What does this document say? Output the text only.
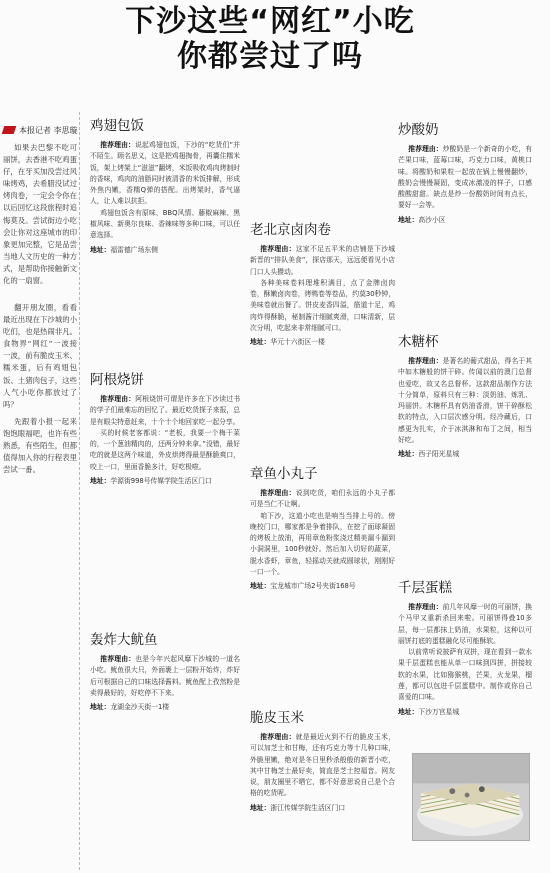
下沙这些“网红”小吃
你都尝过了吗
本报记者 李思璇

如果去巴黎不吃可丽饼，去香港不吃鸡蛋仔，在牙买加没尝过风味烤鸡，去希腊没试过烤肉卷，一定会令你在以后回忆这段旅程时追悔莫及。尝试街边小吃会让你对这座城市的印象更加完整，它是品尝当地人文历史的一种方式，是帮助你接触新文化的一扇窗。

翻开朋友圈，看看最近出现在下沙城的小吃们，也是热闹非凡。食物界“网红”一波接一波，前有脆皮玉米、糯米蛋，后有鸡翅包饭、土猪肉包子，这些人气小吃你都放过了吗？

先跟着小报一起来饱饱眼福吧，也许有些熟悉，有些陌生，但都值得加入你的行程表里尝试一番。

鸡翅包饭

推荐理由：说起鸡翅包饭，下沙的“吃货们”并不陌生。顾名思义，这是把鸡翅掏骨，再囊住糯米饭，架上烤架上“滋滋”翻烤，米饭吸收鸡肉烤制时的香味，鸡肉的油脂同时被清香的米饭排解，形成外焦内嫩，香糯Q弹的搭配。出烤架时，香气逼人，让人难以抗拒。

鸡翅包饭含有原味、BBQ风情、藤椒麻辣、黑椒风味、新奥尔良味、香辣味等多种口味，可以任意选择。

地址：福雷德广场东侧

阿根烧饼

推荐理由：阿根烧饼可谓是许多在下沙读过书的学子们最难忘的回忆了。最近吃货探子来报，总是有眼尖特意赶来，十个十个地回家吃一起分享。

买的时候老客都说：“老板，我要一个梅干菜的，一个葱油精肉的，还两分钟来拿。”没错，最好吃的就是这两个味道，外皮烘烤得最是酥脆爽口，咬上一口，里面香脆多汁，好吃极啦。

地址：学源街998号传媒学院生活区门口

轰炸大鱿鱼

推荐理由：也是今年兴起风靡下沙城的一道名小吃。鱿鱼很大只，外面裹上一层粉开始炸，炸好后可根据自己的口味选择酱料。鱿鱼配上孜然粉是卖得最好的，好吃停不下来。

地址：龙湖金沙天街一1楼

老北京卤肉卷

推荐理由：这家不足五平米的店铺是下沙城新晋的“排队美食”，探店那天，远远便看见小店门口人头攒动。

各种美味卷料理堆积满目，点了金牌卤肉卷，酥嫩卤肉卷，烤鸭卷等卷品，约莫30秒钟，美味卷就出餐了。饼皮麦香四溢，筋道十足，鸡肉炸得酥脆，秘制酱汁细腻爽滑，口味清新，层次分明，吃起来非常细腻可口。

地址：华元十六街区一楼

章鱼小丸子

推荐理由：说到吃货，咱们永远的小丸子都可是当仁不让啊。

咱下沙，这道小吃也是响当当排上号的。傍晚校门口，哪家都是争着排队，在挖了面球凝固的烤板上放油，再用章鱼粉浆浇过精美漏斗漏到小洞洞里，100秒就好。然后加入切好的蔬菜，脱水香虾，章鱼，轻摇动关就成圆球状，刚刚好一口一个。

地址：宝龙城市广场2号夹街168号

脆皮玉米

推荐理由：就是最近火到不行的脆皮玉米，可以加芝士和甘梅，还有巧克力等十几种口味，外脆里嫩，绝对是冬日里秒杀般般的新晋小吃，其中甘梅芝士最好卖，简直是芝士控福音。网友说，朋友圈里不晒它，都不好意思说自己是个合格的吃货呢。

地址：浙江传媒学院生活区门口

炒酸奶

推荐理由：炒酸奶是一个新奇的小吃，有芒果口味，蓝莓口味，巧克力口味，黄桃口味。将酸奶和果粒一起放在锅上慢慢翻炒，酸奶会慢慢凝固，变成冰激凌的样子，口感酸酸甜甜。缺点是炒一份酸奶时间有点长，要好一会等。

地址：高沙小区

木糖杯

推荐理由：是著名的葡式甜品，得名于其中如木糖般的饼干碎。传闻以前的澳门总督也爱吃，故又名总督杯。这款甜品制作方法十分简单，原料只有三种：淡奶油、炼乳、玛丽饼。木糖杯具有奶油香滑，饼干碎酥松软的特点，入口层次感分明。经冷藏后，口感更为扎实，介于冰淇淋和布丁之间，相当好吃。

地址：西子阳光星城

千层蛋糕

推荐理由：前几年风靡一时的可丽饼，换个马甲又重新杀回来啦。可丽饼得叠10多层，每一层都抹上奶油，水果粒，这种以可丽饼打底的蛋糕融化尽可能酥软。

以前常听说披萨有双拼，现在看到一款水果千层蛋糕也能从单一口味到四拼，拼接较软的水果，比如猕猴桃，芒果，火龙果，榴莲，都可以包进千层蛋糕中。制作或你自己喜爱的口味。

地址：下沙万宫星城
